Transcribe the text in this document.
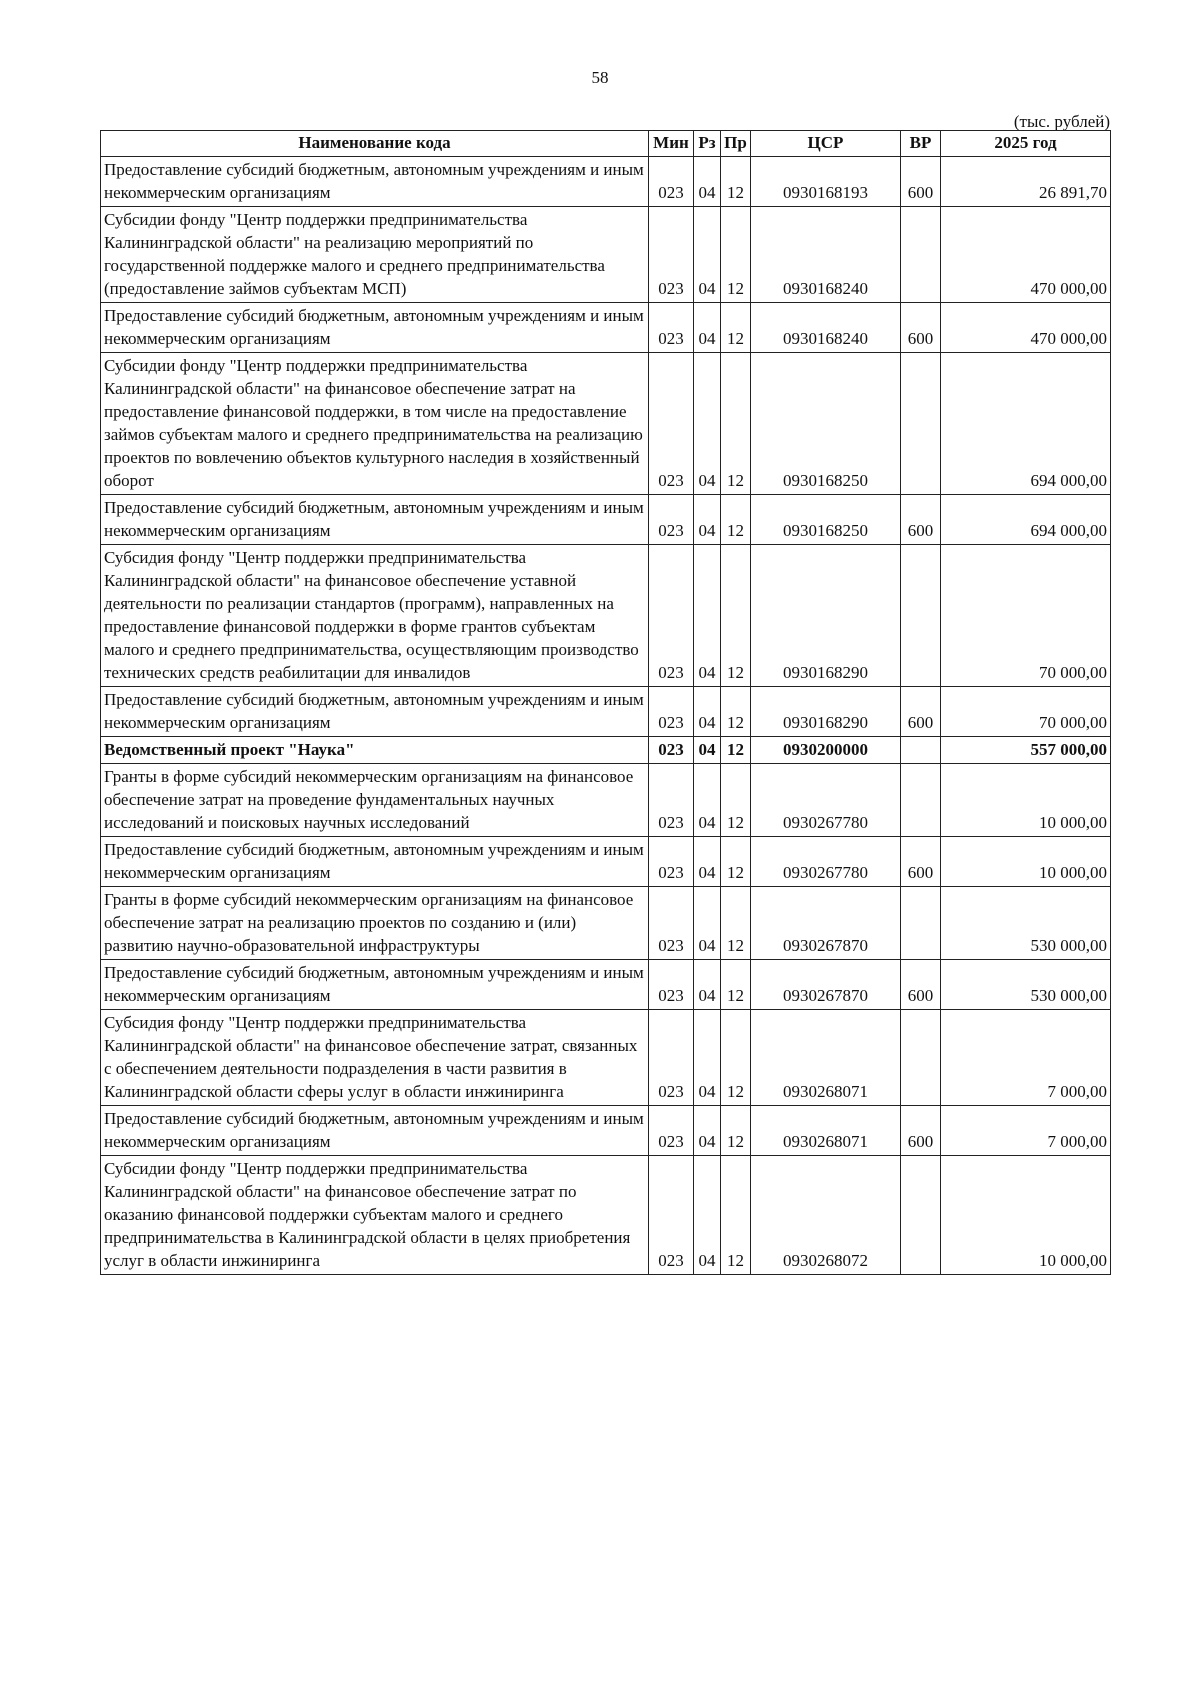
58
(тыс. рублей)
Наименование кода	Мин	Рз	Пр	ЦСР	ВР	2025 год
Предоставление субсидий бюджетным, автономным учреждениям и иным некоммерческим организациям	023	04	12	0930168193	600	26 891,70
Субсидии фонду "Центр поддержки предпринимательства Калининградской области" на реализацию мероприятий по государственной поддержке малого и среднего предпринимательства (предоставление займов субъектам МСП)	023	04	12	0930168240		470 000,00
Предоставление субсидий бюджетным, автономным учреждениям и иным некоммерческим организациям	023	04	12	0930168240	600	470 000,00
Субсидии фонду "Центр поддержки предпринимательства Калининградской области" на финансовое обеспечение затрат на предоставление финансовой поддержки, в том числе на предоставление займов субъектам малого и среднего предпринимательства на реализацию проектов по вовлечению объектов культурного наследия в хозяйственный оборот	023	04	12	0930168250		694 000,00
Предоставление субсидий бюджетным, автономным учреждениям и иным некоммерческим организациям	023	04	12	0930168250	600	694 000,00
Субсидия фонду "Центр поддержки предпринимательства Калининградской области" на финансовое обеспечение уставной деятельности по реализации стандартов (программ), направленных на предоставление финансовой поддержки в форме грантов субъектам малого и среднего предпринимательства, осуществляющим производство технических средств реабилитации для инвалидов	023	04	12	0930168290		70 000,00
Предоставление субсидий бюджетным, автономным учреждениям и иным некоммерческим организациям	023	04	12	0930168290	600	70 000,00
Ведомственный проект "Наука"	023	04	12	0930200000		557 000,00
Гранты в форме субсидий некоммерческим организациям на финансовое обеспечение затрат на проведение фундаментальных научных исследований и поисковых научных исследований	023	04	12	0930267780		10 000,00
Предоставление субсидий бюджетным, автономным учреждениям и иным некоммерческим организациям	023	04	12	0930267780	600	10 000,00
Гранты в форме субсидий некоммерческим организациям на финансовое обеспечение затрат на реализацию проектов по созданию и (или) развитию научно-образовательной инфраструктуры	023	04	12	0930267870		530 000,00
Предоставление субсидий бюджетным, автономным учреждениям и иным некоммерческим организациям	023	04	12	0930267870	600	530 000,00
Субсидия фонду "Центр поддержки предпринимательства Калининградской области" на финансовое обеспечение затрат, связанных с обеспечением деятельности подразделения в части развития в Калининградской области сферы услуг в области инжиниринга	023	04	12	0930268071		7 000,00
Предоставление субсидий бюджетным, автономным учреждениям и иным некоммерческим организациям	023	04	12	0930268071	600	7 000,00
Субсидии фонду "Центр поддержки предпринимательства Калининградской области" на финансовое обеспечение затрат по оказанию финансовой поддержки субъектам малого и среднего предпринимательства в Калининградской области в целях приобретения услуг в области инжиниринга	023	04	12	0930268072		10 000,00
